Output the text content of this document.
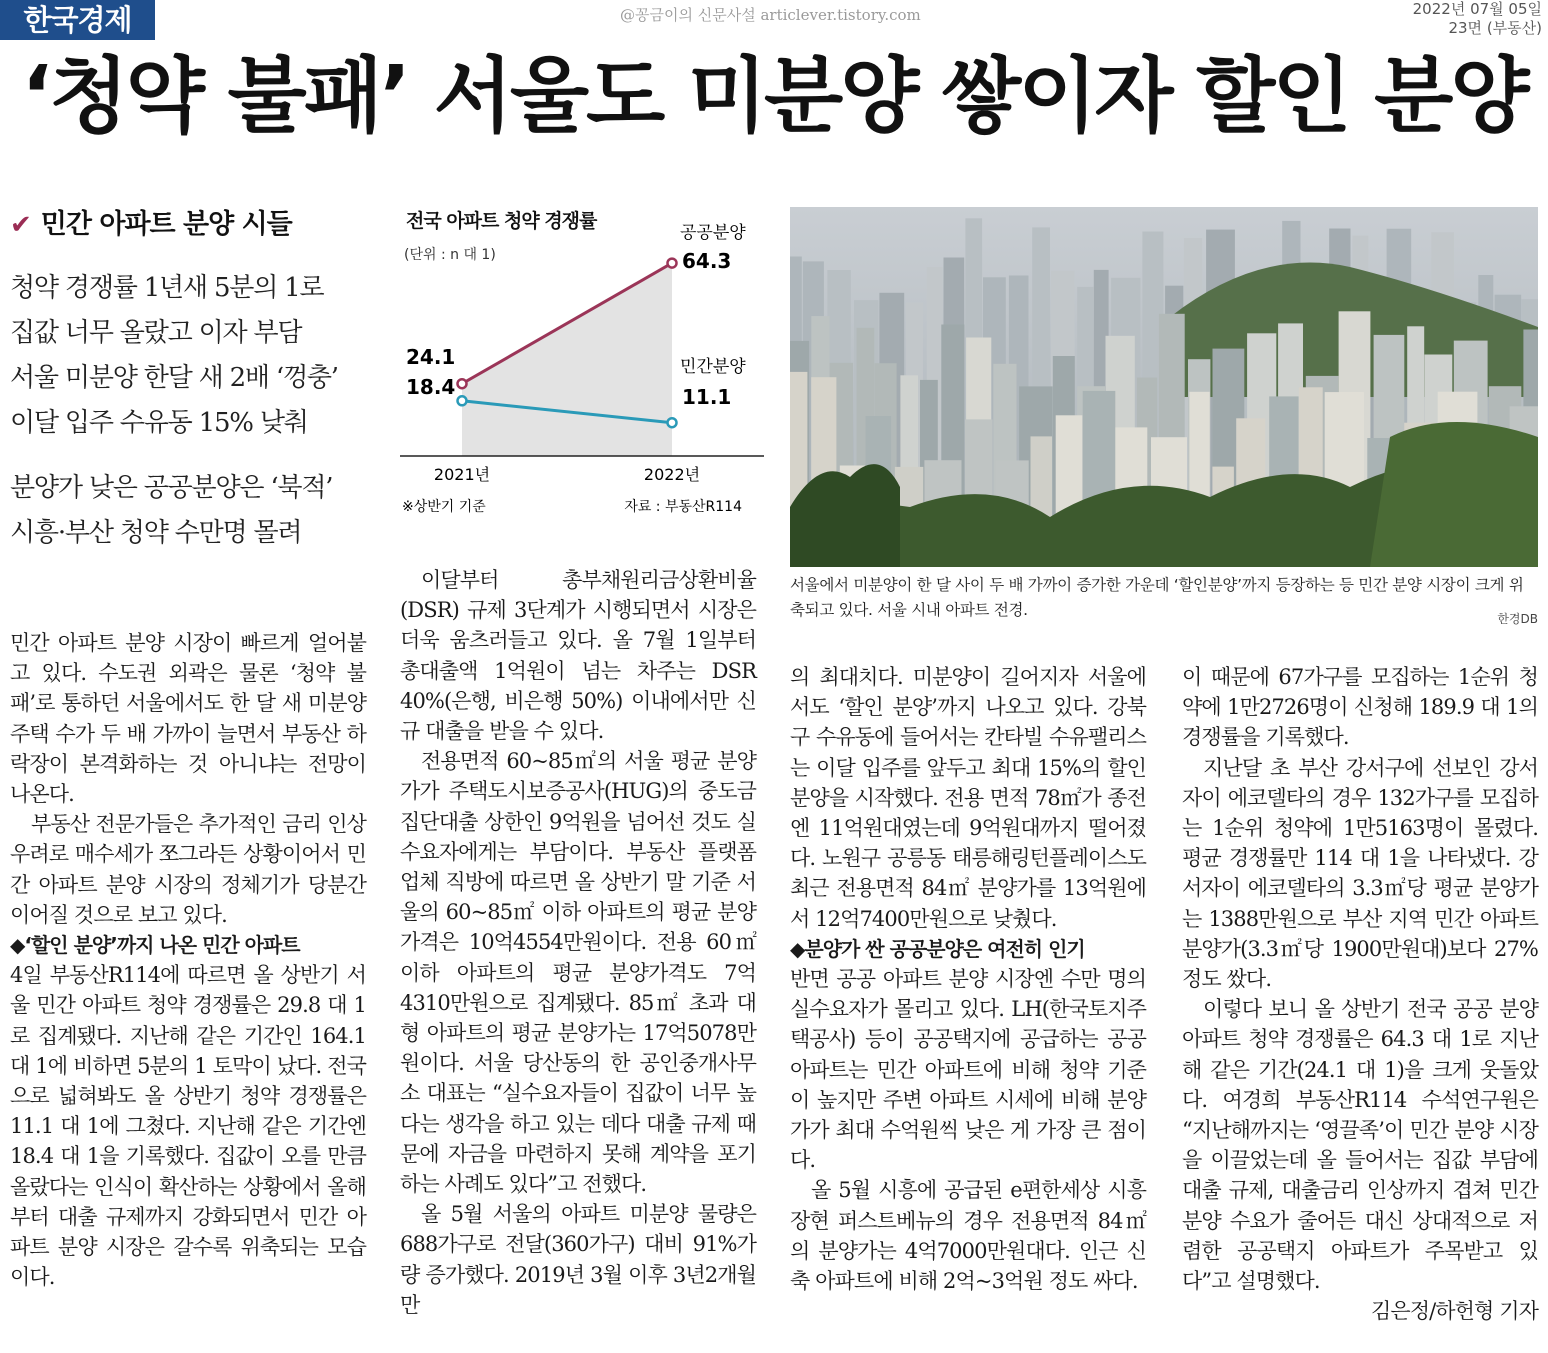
한국경제	@꽁금이의 신문사설 articlever.tistory.com	2022년 07월 05일
23면 (부동산)
‘청약 불패’ 서울도 미분양 쌓이자 할인 분양
✔ 민간 아파트 분양 시들
청약 경쟁률 1년새 5분의 1로
집값 너무 올랐고 이자 부담
서울 미분양 한달 새 2배 ‘껑충’
이달 입주 수유동 15% 낮춰
분양가 낮은 공공분양은 ‘북적’
시흥·부산 청약 수만명 몰려
전국 아파트 청약 경쟁률
(단위 : n 대 1)
2021년	2022년
공공분양
민간분양
64.3
11.1
24.1
18.4
※상반기 기준	자료 : 부동산R114
서울에서 미분양이 한 달 사이 두 배 가까이 증가한 가운데 ‘할인분양’까지 등장하는 등 민간 분양 시장이 크게 위축되고 있다. 서울 시내 아파트 전경.	한경DB

민간 아파트 분양 시장이 빠르게 얼어붙고 있다. 수도권 외곽은 물론 ‘청약 불패’로 통하던 서울에서도 한 달 새 미분양 주택 수가 두 배 가까이 늘면서 부동산 하락장이 본격화하는 것 아니냐는 전망이 나온다.

부동산 전문가들은 추가적인 금리 인상 우려로 매수세가 쪼그라든 상황이어서 민간 아파트 분양 시장의 정체기가 당분간 이어질 것으로 보고 있다.

◆‘할인 분양’까지 나온 민간 아파트

4일 부동산R114에 따르면 올 상반기 서울 민간 아파트 청약 경쟁률은 29.8 대 1로 집계됐다. 지난해 같은 기간인 164.1 대 1에 비하면 5분의 1 토막이 났다. 전국으로 넓혀봐도 올 상반기 청약 경쟁률은 11.1 대 1에 그쳤다. 지난해 같은 기간엔 18.4 대 1을 기록했다. 집값이 오를 만큼 올랐다는 인식이 확산하는 상황에서 올해부터 대출 규제까지 강화되면서 민간 아파트 분양 시장은 갈수록 위축되는 모습이다.

이달부터 총부채원리금상환비율(DSR) 규제 3단계가 시행되면서 시장은 더욱 움츠러들고 있다. 올 7월 1일부터 총대출액 1억원이 넘는 차주는 DSR 40%(은행, 비은행 50%) 이내에서만 신규 대출을 받을 수 있다.

전용면적 60~85㎡의 서울 평균 분양가가 주택도시보증공사(HUG)의 중도금 집단대출 상한인 9억원을 넘어선 것도 실수요자에게는 부담이다. 부동산 플랫폼 업체 직방에 따르면 올 상반기 말 기준 서울의 60~85㎡ 이하 아파트의 평균 분양 가격은 10억4554만원이다. 전용 60㎡ 이하 아파트의 평균 분양가격도 7억4310만원으로 집계됐다. 85㎡ 초과 대형 아파트의 평균 분양가는 17억5078만원이다. 서울 당산동의 한 공인중개사무소 대표는 “실수요자들이 집값이 너무 높다는 생각을 하고 있는 데다 대출 규제 때문에 자금을 마련하지 못해 계약을 포기하는 사례도 있다”고 전했다.

올 5월 서울의 아파트 미분양 물량은 688가구로 전달(360가구) 대비 91%가량 증가했다. 2019년 3월 이후 3년2개월 만

의 최대치다. 미분양이 길어지자 서울에서도 ‘할인 분양’까지 나오고 있다. 강북구 수유동에 들어서는 칸타빌 수유팰리스는 이달 입주를 앞두고 최대 15%의 할인 분양을 시작했다. 전용 면적 78㎡가 종전엔 11억원대였는데 9억원대까지 떨어졌다. 노원구 공릉동 태릉해링턴플레이스도 최근 전용면적 84㎡ 분양가를 13억원에서 12억7400만원으로 낮췄다.

◆분양가 싼 공공분양은 여전히 인기

반면 공공 아파트 분양 시장엔 수만 명의 실수요자가 몰리고 있다. LH(한국토지주택공사) 등이 공공택지에 공급하는 공공 아파트는 민간 아파트에 비해 청약 기준이 높지만 주변 아파트 시세에 비해 분양가가 최대 수억원씩 낮은 게 가장 큰 점이다.

올 5월 시흥에 공급된 e편한세상 시흥장현 퍼스트베뉴의 경우 전용면적 84㎡의 분양가는 4억7000만원대다. 인근 신축 아파트에 비해 2억~3억원 정도 싸다.

이 때문에 67가구를 모집하는 1순위 청약에 1만2726명이 신청해 189.9 대 1의 경쟁률을 기록했다.

지난달 초 부산 강서구에 선보인 강서자이 에코델타의 경우 132가구를 모집하는 1순위 청약에 1만5163명이 몰렸다. 평균 경쟁률만 114 대 1을 나타냈다. 강서자이 에코델타의 3.3㎡당 평균 분양가는 1388만원으로 부산 지역 민간 아파트 분양가(3.3㎡당 1900만원대)보다 27% 정도 쌌다.

이렇다 보니 올 상반기 전국 공공 분양 아파트 청약 경쟁률은 64.3 대 1로 지난해 같은 기간(24.1 대 1)을 크게 웃돌았다. 여경희 부동산R114 수석연구원은 “지난해까지는 ‘영끌족’이 민간 분양 시장을 이끌었는데 올 들어서는 집값 부담에 대출 규제, 대출금리 인상까지 겹쳐 민간 분양 수요가 줄어든 대신 상대적으로 저렴한 공공택지 아파트가 주목받고 있다”고 설명했다.

김은정/하헌형 기자
